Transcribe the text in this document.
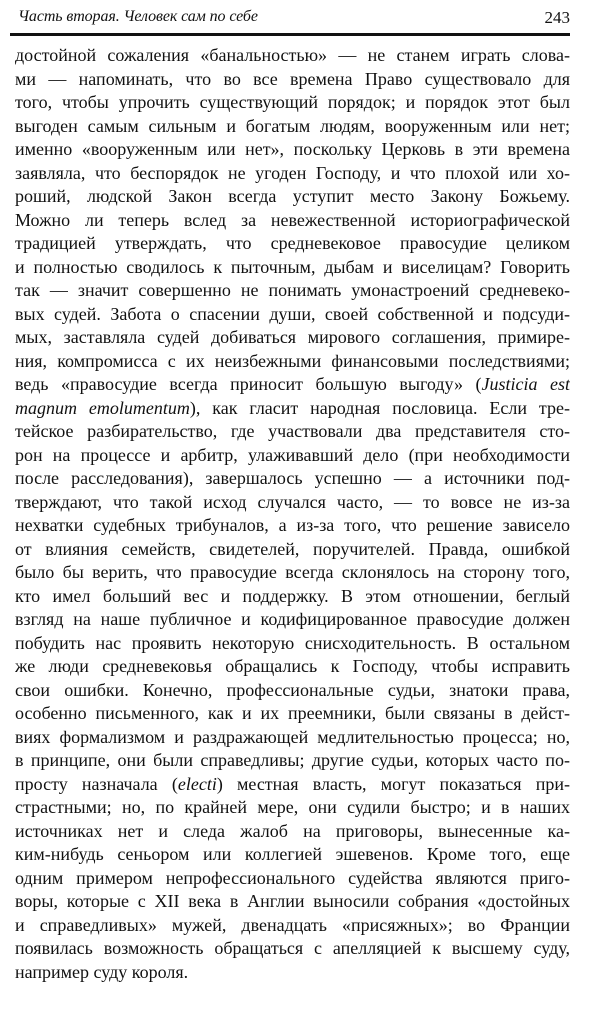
Часть вторая. Человек сам по себе	243
достойной сожаления «банальностью» — не станем играть слова-
ми — напоминать, что во все времена Право существовало для
того, чтобы упрочить существующий порядок; и порядок этот был
выгоден самым сильным и богатым людям, вооруженным или нет;
именно «вооруженным или нет», поскольку Церковь в эти времена
заявляла, что беспорядок не угоден Господу, и что плохой или хо-
роший, людской Закон всегда уступит место Закону Божьему.
Можно ли теперь вслед за невежественной историографической
традицией утверждать, что средневековое правосудие целиком
и полностью сводилось к пыточным, дыбам и виселицам? Говорить
так — значит совершенно не понимать умонастроений средневеко-
вых судей. Забота о спасении души, своей собственной и подсуди-
мых, заставляла судей добиваться мирового соглашения, примире-
ния, компромисса с их неизбежными финансовыми последствиями;
ведь «правосудие всегда приносит большую выгоду» (Justicia est
magnum emolumentum), как гласит народная пословица. Если тре-
тейское разбирательство, где участвовали два представителя сто-
рон на процессе и арбитр, улаживавший дело (при необходимости
после расследования), завершалось успешно — а источники под-
тверждают, что такой исход случался часто, — то вовсе не из-за
нехватки судебных трибуналов, а из-за того, что решение зависело
от влияния семейств, свидетелей, поручителей. Правда, ошибкой
было бы верить, что правосудие всегда склонялось на сторону того,
кто имел больший вес и поддержку. В этом отношении, беглый
взгляд на наше публичное и кодифицированное правосудие должен
побудить нас проявить некоторую снисходительность. В остальном
же люди средневековья обращались к Господу, чтобы исправить
свои ошибки. Конечно, профессиональные судьи, знатоки права,
особенно письменного, как и их преемники, были связаны в дейст-
виях формализмом и раздражающей медлительностью процесса; но,
в принципе, они были справедливы; другие судьи, которых часто по-
просту назначала (electi) местная власть, могут показаться при-
страстными; но, по крайней мере, они судили быстро; и в наших
источниках нет и следа жалоб на приговоры, вынесенные ка-
ким-нибудь сеньором или коллегией эшевенов. Кроме того, еще
одним примером непрофессионального судейства являются приго-
воры, которые с XII века в Англии выносили собрания «достойных
и справедливых» мужей, двенадцать «присяжных»; во Франции
появилась возможность обращаться с апелляцией к высшему суду,
например суду короля.
